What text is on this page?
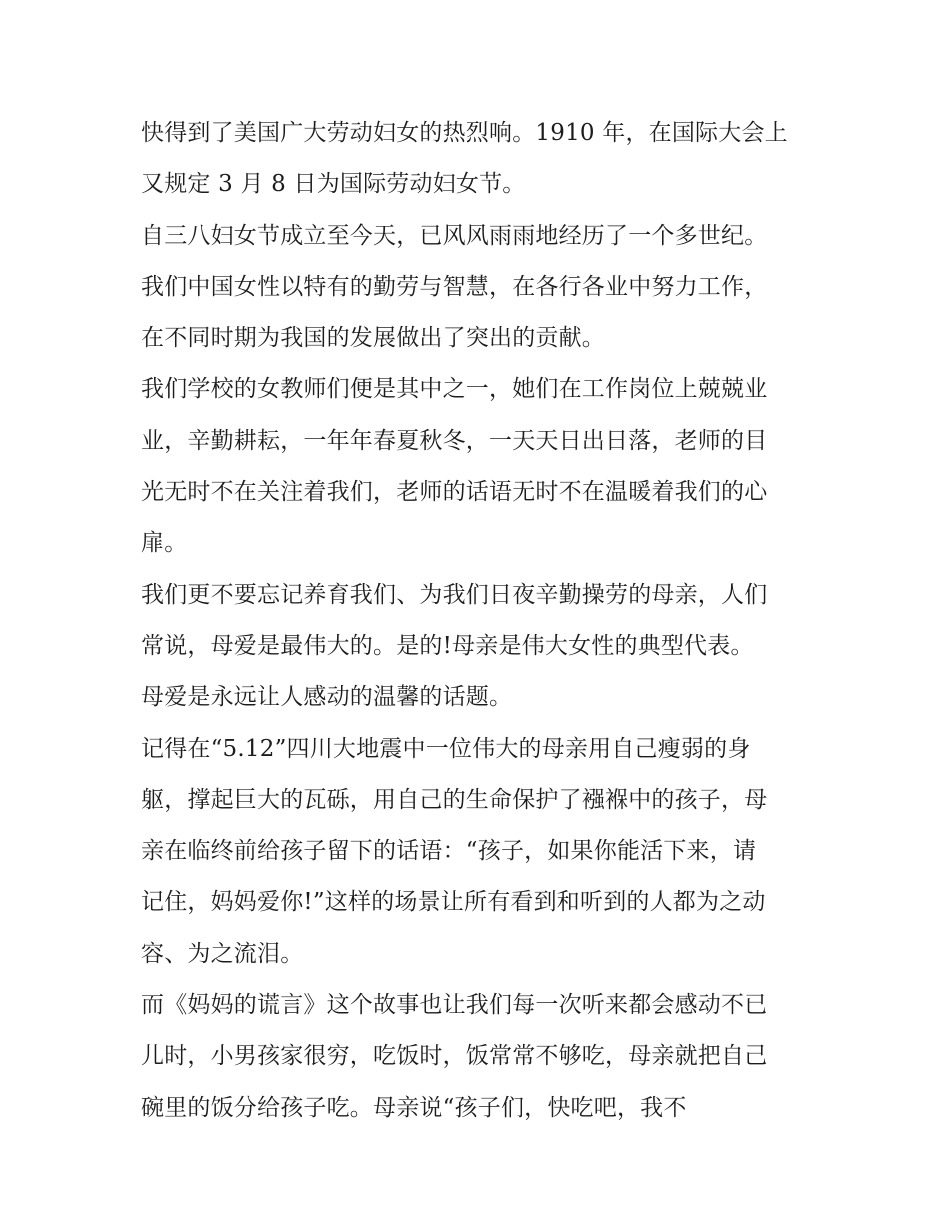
快得到了美国广大劳动妇女的热烈响。1910 年，在国际大会上
又规定 3 月 8 日为国际劳动妇女节。
自三八妇女节成立至今天，已风风雨雨地经历了一个多世纪。
我们中国女性以特有的勤劳与智慧，在各行各业中努力工作，
在不同时期为我国的发展做出了突出的贡献。
我们学校的女教师们便是其中之一，她们在工作岗位上兢兢业
业，辛勤耕耘，一年年春夏秋冬，一天天日出日落，老师的目
光无时不在关注着我们，老师的话语无时不在温暖着我们的心
扉。
我们更不要忘记养育我们、为我们日夜辛勤操劳的母亲，人们
常说，母爱是最伟大的。是的!母亲是伟大女性的典型代表。
母爱是永远让人感动的温馨的话题。
记得在“5.12”四川大地震中一位伟大的母亲用自己瘦弱的身
躯，撑起巨大的瓦砾，用自己的生命保护了襁褓中的孩子，母
亲在临终前给孩子留下的话语：“孩子，如果你能活下来，请
记住，妈妈爱你!”这样的场景让所有看到和听到的人都为之动
容、为之流泪。
而《妈妈的谎言》这个故事也让我们每一次听来都会感动不已
儿时，小男孩家很穷，吃饭时，饭常常不够吃，母亲就把自己
碗里的饭分给孩子吃。母亲说“孩子们，快吃吧，我不
